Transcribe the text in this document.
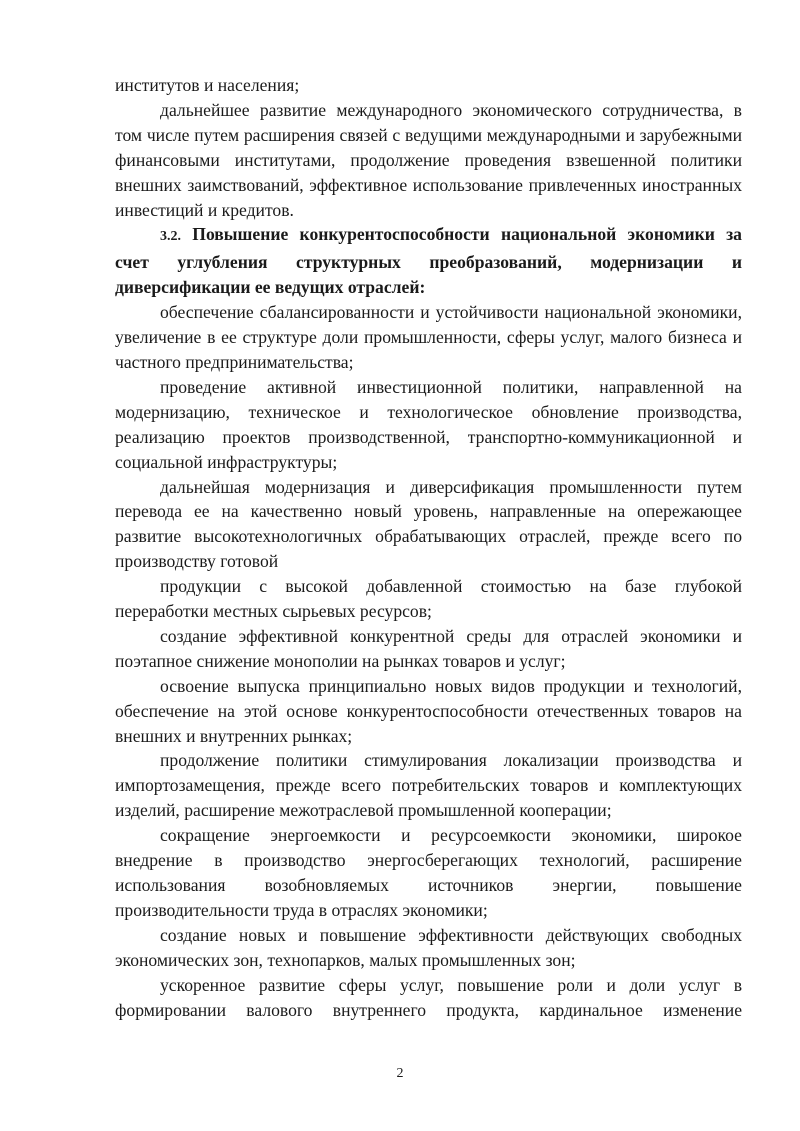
институтов и населения;

дальнейшее развитие международного экономического сотрудничества, в том числе путем расширения связей с ведущими международными и зарубежными финансовыми институтами, продолжение проведения взвешенной политики внешних заимствований, эффективное использование привлеченных иностранных инвестиций и кредитов.

3.2. Повышение конкурентоспособности национальной экономики за счет углубления структурных преобразований, модернизации и диверсификации ее ведущих отраслей:

обеспечение сбалансированности и устойчивости национальной экономики, увеличение в ее структуре доли промышленности, сферы услуг, малого бизнеса и частного предпринимательства;

проведение активной инвестиционной политики, направленной на модернизацию, техническое и технологическое обновление производства, реализацию проектов производственной, транспортно-коммуникационной и социальной инфраструктуры;

дальнейшая модернизация и диверсификация промышленности путем перевода ее на качественно новый уровень, направленные на опережающее развитие высокотехнологичных обрабатывающих отраслей, прежде всего по производству готовой

продукции с высокой добавленной стоимостью на базе глубокой переработки местных сырьевых ресурсов;

создание эффективной конкурентной среды для отраслей экономики и поэтапное снижение монополии на рынках товаров и услуг;

освоение выпуска принципиально новых видов продукции и технологий, обеспечение на этой основе конкурентоспособности отечественных товаров на внешних и внутренних рынках;

продолжение политики стимулирования локализации производства и импортозамещения, прежде всего потребительских товаров и комплектующих изделий, расширение межотраслевой промышленной кооперации;

сокращение энергоемкости и ресурсоемкости экономики, широкое внедрение в производство энергосберегающих технологий, расширение использования возобновляемых источников энергии, повышение производительности труда в отраслях экономики;

создание новых и повышение эффективности действующих свободных экономических зон, технопарков, малых промышленных зон;

ускоренное развитие сферы услуг, повышение роли и доли услуг в формировании валового внутреннего продукта, кардинальное изменение

2
